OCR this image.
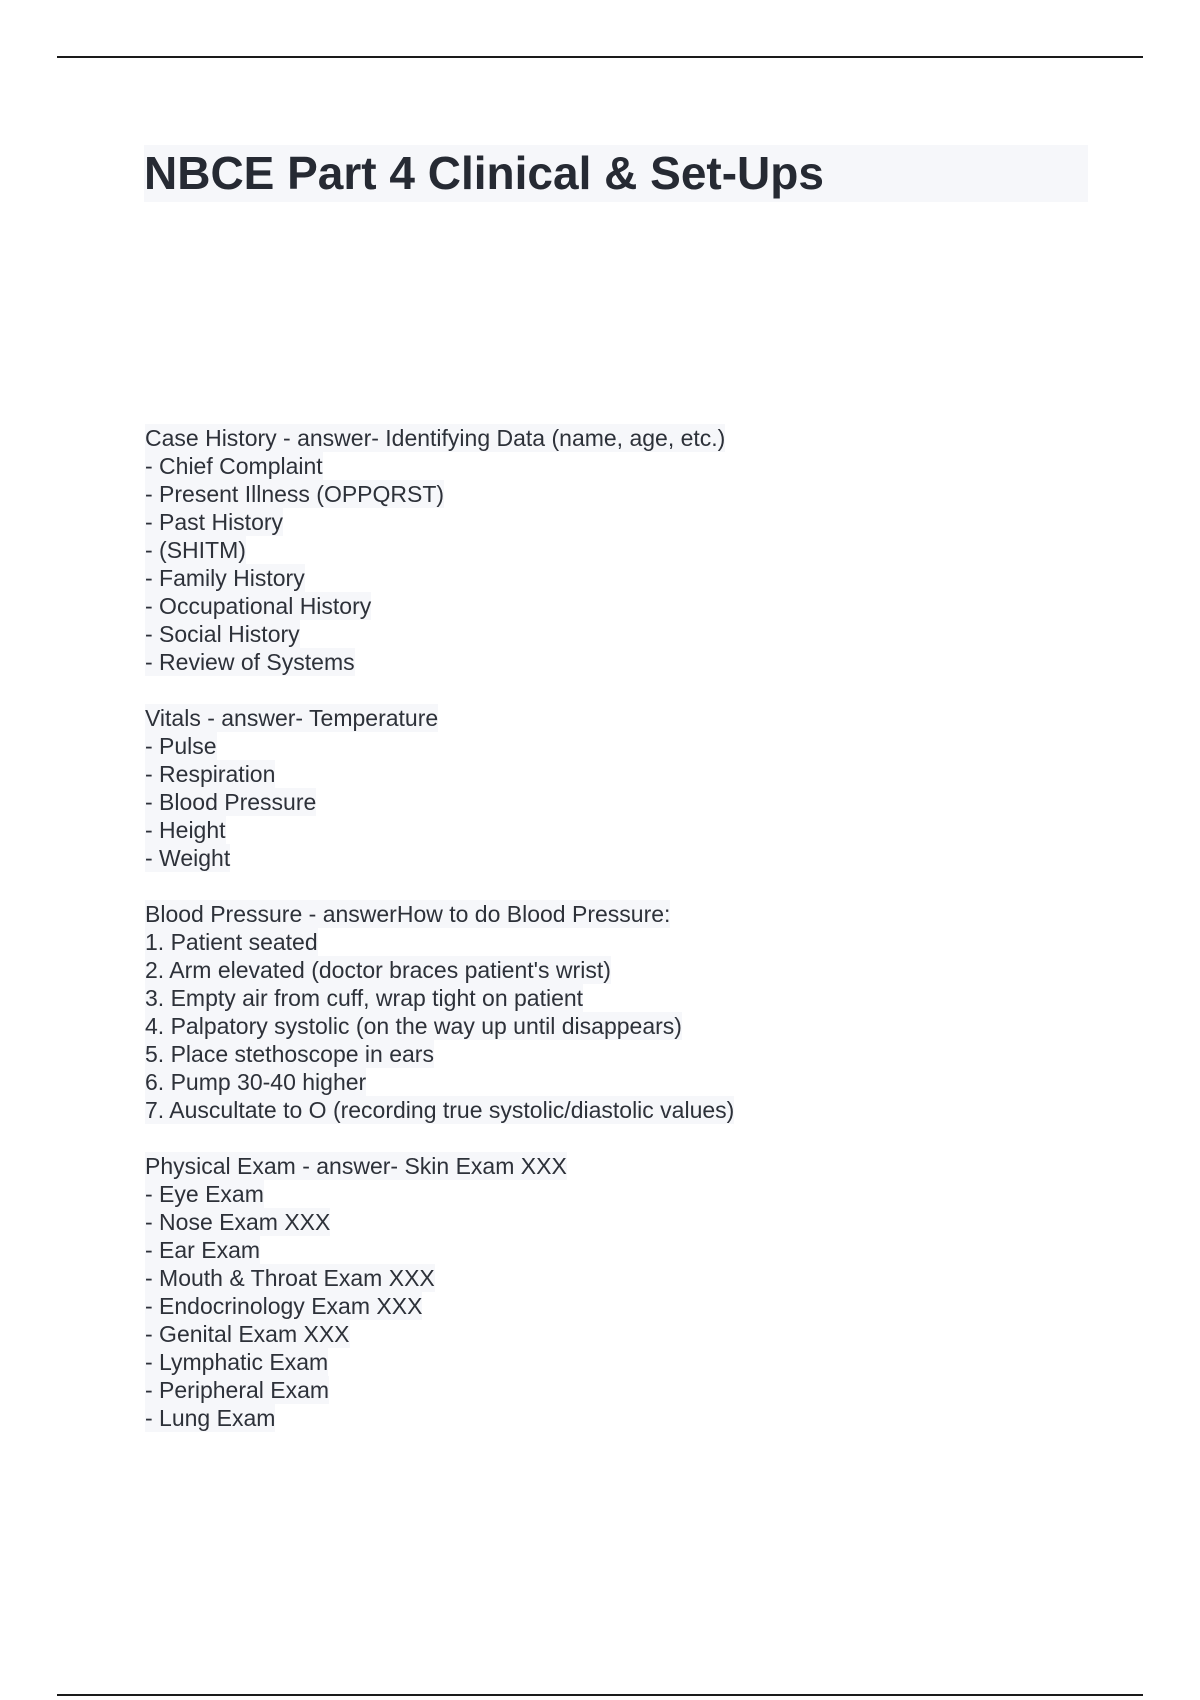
NBCE Part 4 Clinical & Set-Ups
Case History - answer- Identifying Data (name, age, etc.)
- Chief Complaint
- Present Illness (OPPQRST)
- Past History
- (SHITM)
- Family History
- Occupational History
- Social History
- Review of Systems
Vitals - answer- Temperature
- Pulse
- Respiration
- Blood Pressure
- Height
- Weight
Blood Pressure - answerHow to do Blood Pressure:
1. Patient seated
2. Arm elevated (doctor braces patient's wrist)
3. Empty air from cuff, wrap tight on patient
4. Palpatory systolic (on the way up until disappears)
5. Place stethoscope in ears
6. Pump 30-40 higher
7. Auscultate to O (recording true systolic/diastolic values)
Physical Exam - answer- Skin Exam XXX
- Eye Exam
- Nose Exam XXX
- Ear Exam
- Mouth & Throat Exam XXX
- Endocrinology Exam XXX
- Genital Exam XXX
- Lymphatic Exam
- Peripheral Exam
- Lung Exam
